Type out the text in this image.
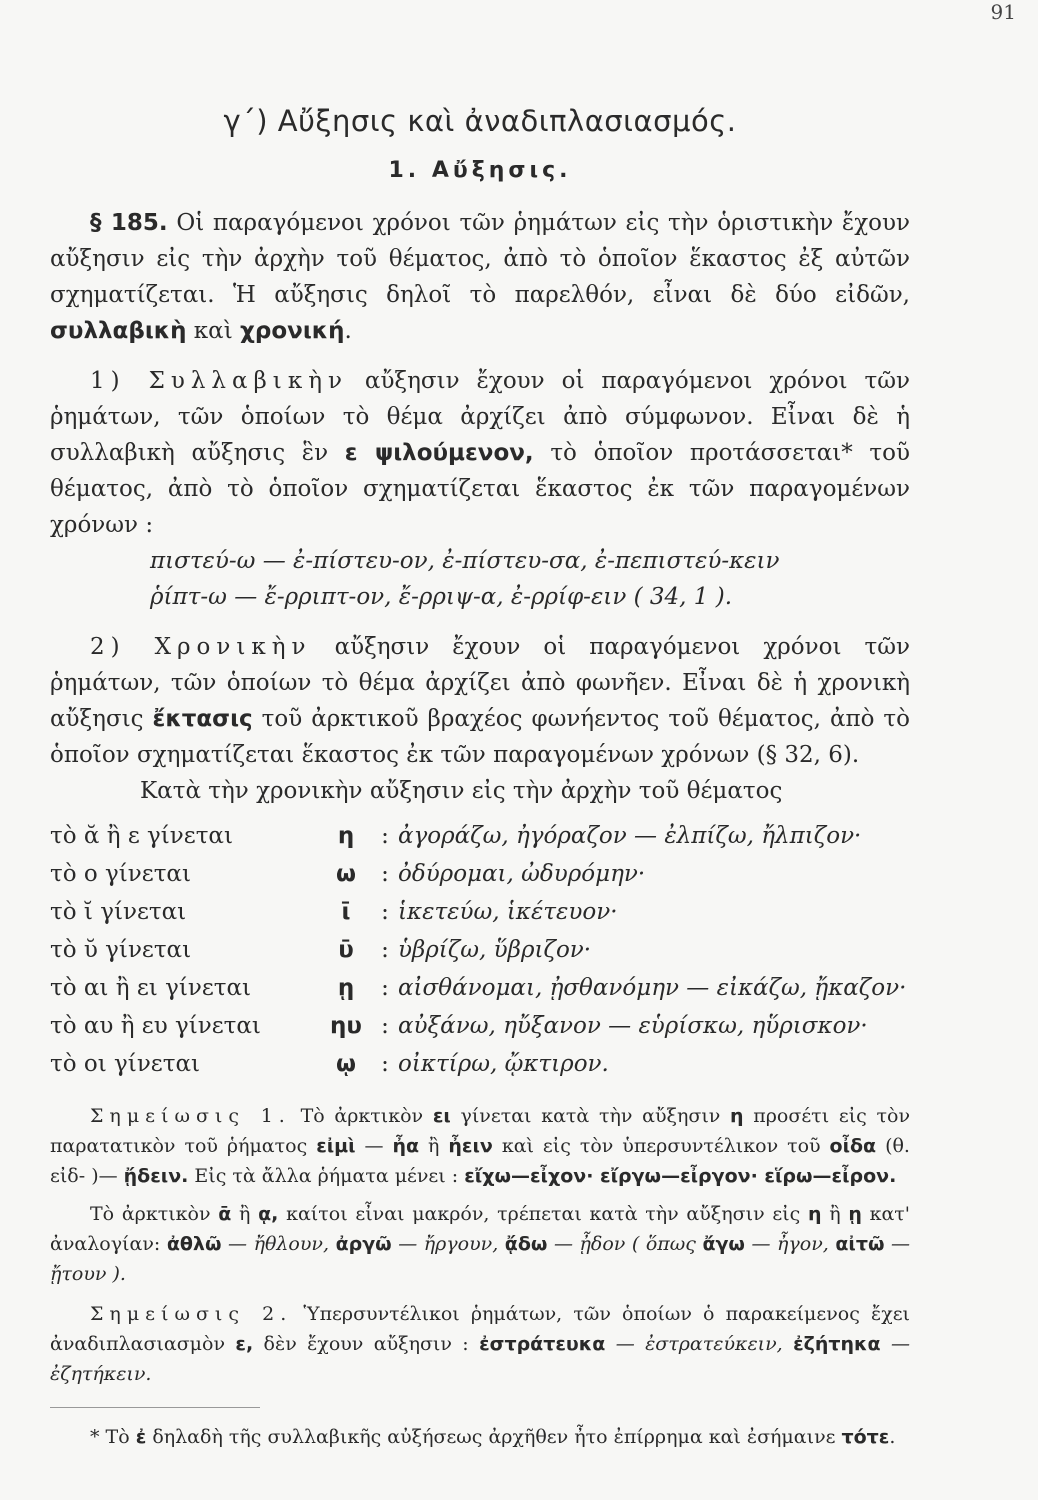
91
γ΄) Αὔξησις καὶ ἀναδιπλασιασμός.
1. Αὔξησις.

§ 185. Οἱ παραγόμενοι χρόνοι τῶν ῥημάτων εἰς τὴν ὁριστικὴν ἔχουν αὔξησιν εἰς τὴν ἀρχὴν τοῦ θέματος, ἀπὸ τὸ ὁποῖον ἕκαστος ἐξ αὐτῶν σχηματίζεται. Ἡ αὔξησις δηλοῖ τὸ παρελθόν, εἶναι δὲ δύο εἰδῶν, συλλαβικὴ καὶ χρονική.

1) Συλλαβικὴν αὔξησιν ἔχουν οἱ παραγόμενοι χρόνοι τῶν ῥημάτων, τῶν ὁποίων τὸ θέμα ἀρχίζει ἀπὸ σύμφωνον. Εἶναι δὲ ἡ συλλαβικὴ αὔξησις ἓν ε ψιλούμενον, τὸ ὁποῖον προτάσσεται* τοῦ θέματος, ἀπὸ τὸ ὁποῖον σχηματίζεται ἕκαστος ἐκ τῶν παραγομένων χρόνων :

πιστεύ-ω — ἐ-πίστευ-ον, ἐ-πίστευ-σα, ἐ-πεπιστεύ-κειν
ῥίπτ-ω — ἔ-ρριπτ-ον, ἔ-ρριψ-α, ἐ-ρρίφ-ειν ( 34, 1 ).

2) Χρονικὴν αὔξησιν ἔχουν οἱ παραγόμενοι χρόνοι τῶν ῥημάτων, τῶν ὁποίων τὸ θέμα ἀρχίζει ἀπὸ φωνῆεν. Εἶναι δὲ ἡ χρονικὴ αὔξησις ἔκτασις τοῦ ἀρκτικοῦ βραχέος φωνήεντος τοῦ θέματος, ἀπὸ τὸ ὁποῖον σχηματίζεται ἕκαστος ἐκ τῶν παραγομένων χρόνων (§ 32, 6).

Κατὰ τὴν χρονικὴν αὔξησιν εἰς τὴν ἀρχὴν τοῦ θέματος

τὸ ᾰ ἢ ε γίνεται	η	:	ἀγοράζω, ἠγόραζον — ἐλπίζω, ἤλπιζον·
τὸ ο γίνεται	ω	:	ὀδύρομαι, ὠδυρόμην·
τὸ ῐ γίνεται	ῑ	:	ἱκετεύω, ἱκέτευον·
τὸ ῠ γίνεται	ῡ	:	ὑβρίζω, ὕβριζον·
τὸ αι ἢ ει γίνεται	ῃ	:	αἰσθάνομαι, ᾐσθανόμην — εἰκάζω, ᾔκαζον·
τὸ αυ ἢ ευ γίνεται	ηυ	:	αὐξάνω, ηὔξανον — εὑρίσκω, ηὕρισκον·
τὸ οι γίνεται	ῳ	:	οἰκτίρω, ᾤκτιρον.

Σημείωσις 1. Τὸ ἀρκτικὸν ει γίνεται κατὰ τὴν αὔξησιν η προσέτι εἰς τὸν παρατατικὸν τοῦ ῥήματος εἰμὶ — ἦα ἢ ἦειν καὶ εἰς τὸν ὑπερσυντέλικον τοῦ οἶδα (θ. εἰδ- )— ᾔδειν. Εἰς τὰ ἄλλα ῥήματα μένει : εἴχω—εἶχον· εἴργω—εἶργον· εἵρω—εἶρον.

Τὸ ἀρκτικὸν ᾱ ἢ ᾳ, καίτοι εἶναι μακρόν, τρέπεται κατὰ τὴν αὔξησιν εἰς η ἢ ῃ κατ' ἀναλογίαν: ἀθλῶ — ἤθλουν, ἀργῶ — ἤργουν, ᾄδω — ᾖδον ( ὅπως ἄγω — ἦγον, αἰτῶ — ᾔτουν ).

Σημείωσις 2. Ὑπερσυντέλικοι ῥημάτων, τῶν ὁποίων ὁ παρακείμενος ἔχει ἀναδιπλασιασμὸν ε, δὲν ἔχουν αὔξησιν : ἐστράτευκα — ἐστρατεύκειν, ἐζήτηκα — ἐζητήκειν.

* Τὸ ἐ δηλαδὴ τῆς συλλαβικῆς αὐξήσεως ἀρχῆθεν ἦτο ἐπίρρημα καὶ ἐσήμαινε τότε.
